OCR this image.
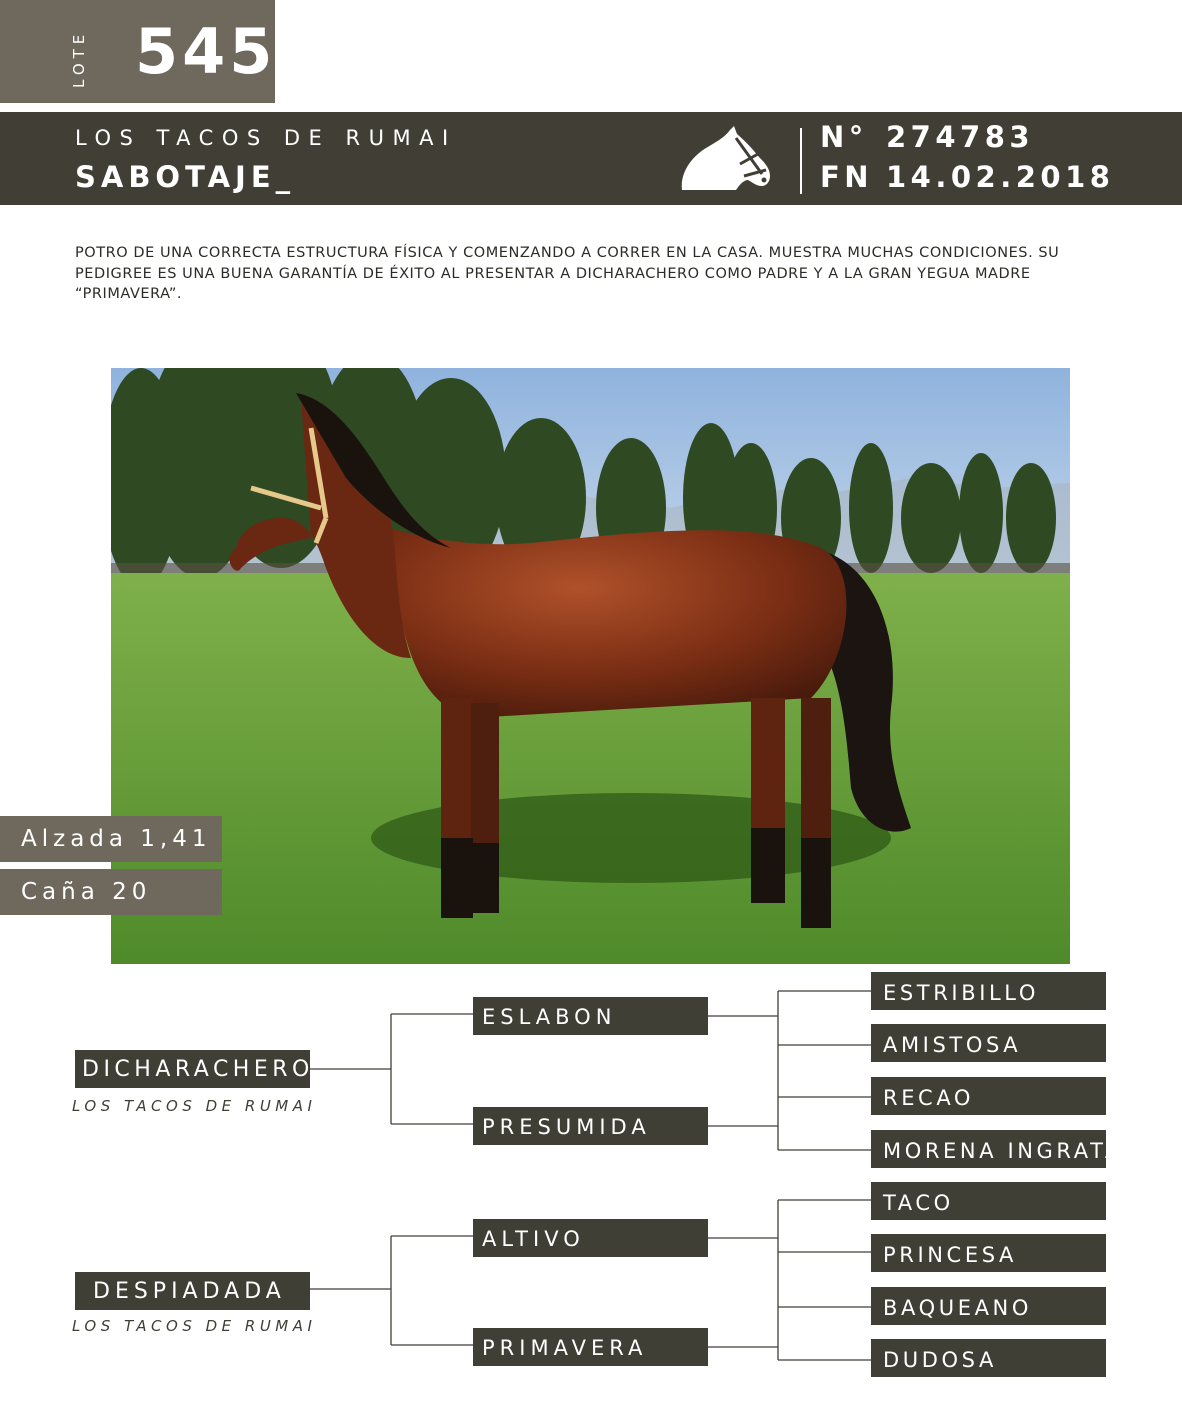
LOTE 545
LOS TACOS DE RUMAI
SABOTAJE_
N° 274783
FN 14.02.2018
POTRO DE UNA CORRECTA ESTRUCTURA FÍSICA Y COMENZANDO A CORRER EN LA CASA. MUESTRA MUCHAS CONDICIONES. SU PEDIGREE ES UNA BUENA GARANTÍA DE ÉXITO AL PRESENTAR A DICHARACHERO COMO PADRE Y A LA GRAN YEGUA MADRE “PRIMAVERA”.
Alzada 1,41
Caña 20
DICHARACHERO
LOS TACOS DE RUMAI
DESPIADADA
LOS TACOS DE RUMAI
ESLABON
PRESUMIDA
ALTIVO
PRIMAVERA
ESTRIBILLO
AMISTOSA
RECAO
MORENA INGRATA
TACO
PRINCESA
BAQUEANO
DUDOSA
